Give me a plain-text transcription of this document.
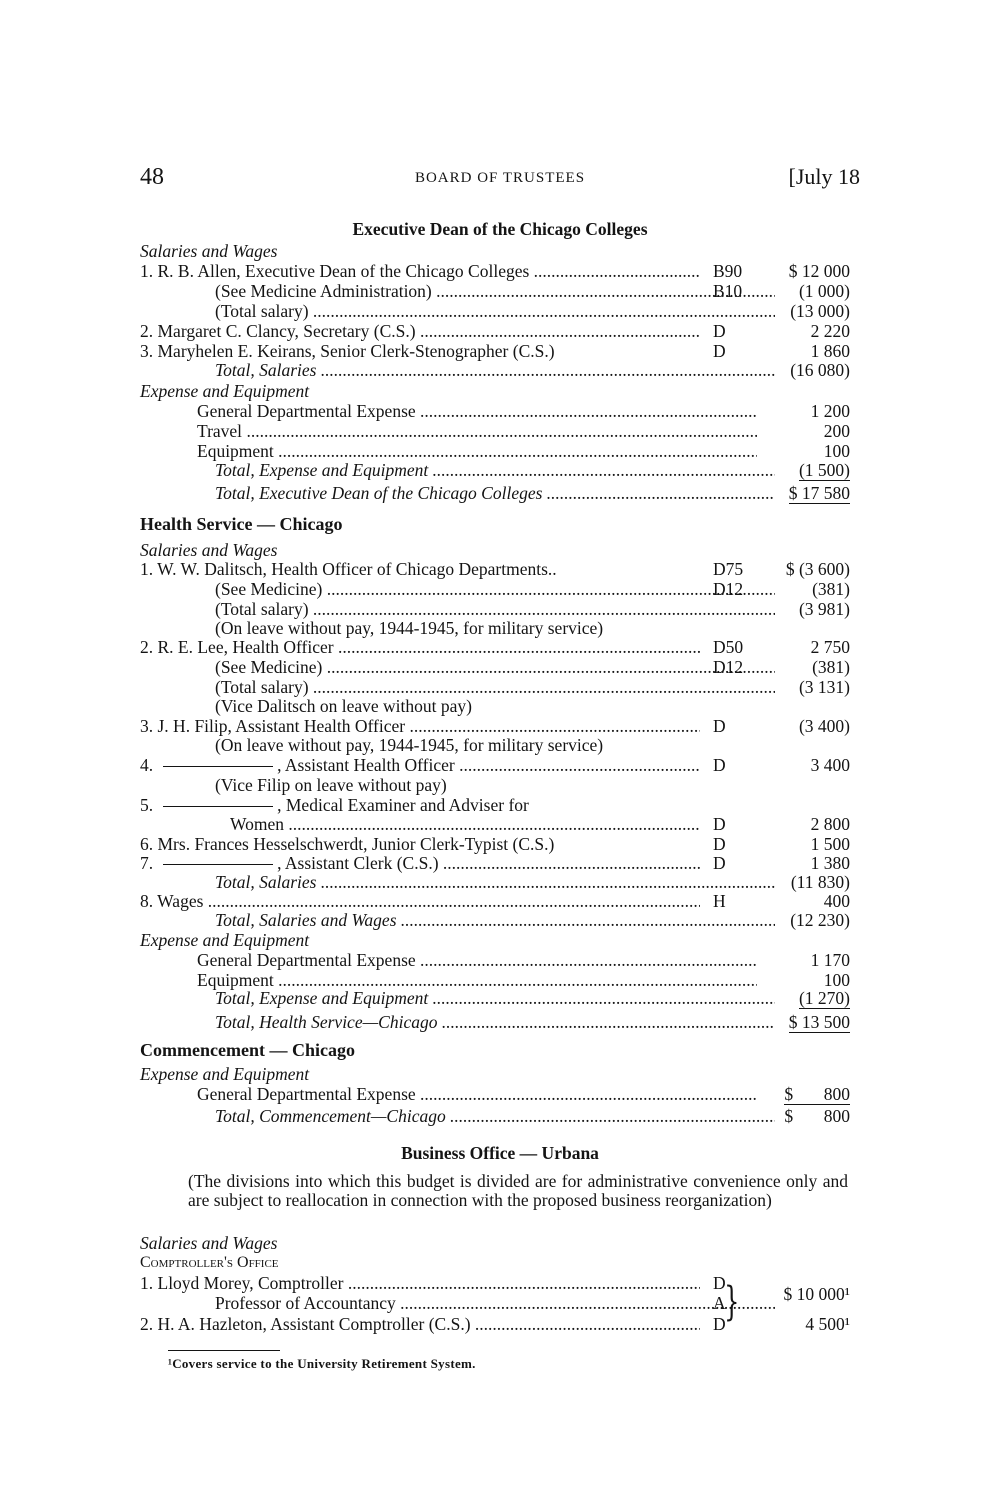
48	BOARD OF TRUSTEES	[July 18
Executive Dean of the Chicago Colleges
Salaries and Wages
1. R. B. Allen, Executive Dean of the Chicago Colleges .....	B90	$ 12 000
(See Medicine Administration) .....	B10	(1 000)
(Total salary) .....	(13 000)
2. Margaret C. Clancy, Secretary (C.S.) .....	D	2 220
3. Maryhelen E. Keirans, Senior Clerk-Stenographer (C.S.)	D	1 860
Total, Salaries .....	(16 080)
Expense and Equipment
General Departmental Expense .....	1 200
Travel .....	200
Equipment .....	100
Total, Expense and Equipment .....	(1 500)
Total, Executive Dean of the Chicago Colleges .....	$ 17 580
Health Service — Chicago
Salaries and Wages
1. W. W. Dalitsch, Health Officer of Chicago Departments..	D75 $ (3 600)
(See Medicine) .....	D12	(381)
(Total salary) .....	(3 981)
(On leave without pay, 1944-1945, for military service)
2. R. E. Lee, Health Officer .....	D50	2 750
(See Medicine) .....	D12	(381)
(Total salary) .....	(3 131)
(Vice Dalitsch on leave without pay)
3. J. H. Filip, Assistant Health Officer .....	D	(3 400)
(On leave without pay, 1944-1945, for military service)
4.	, Assistant Health Officer .....	D	3 400
(Vice Filip on leave without pay)
5.	, Medical Examiner and Adviser for
Women .....	D	2 800
6. Mrs. Frances Hesselschwerdt, Junior Clerk-Typist (C.S.)	D	1 500
7.	, Assistant Clerk (C.S.) .....	D	1 380
Total, Salaries .....	(11 830)
8. Wages .....	H	400
Total, Salaries and Wages .....	(12 230)
Expense and Equipment
General Departmental Expense .....	1 170
Equipment .....	100
Total, Expense and Equipment .....	(1 270)
Total, Health Service—Chicago .....	$ 13 500
Commencement — Chicago
Expense and Equipment
General Departmental Expense .....	$       800
Total, Commencement—Chicago .....	$       800
Business Office — Urbana
(The divisions into which this budget is divided are for administrative convenience only and are subject to reallocation in connection with the proposed business reorganization)
Salaries and Wages
Comptroller's Office
1. Lloyd Morey, Comptroller .....	D
Professor of Accountancy .....	A
}	$ 10 000¹
2. H. A. Hazleton, Assistant Comptroller (C.S.) .....	D	4 500¹
¹Covers service to the University Retirement System.
